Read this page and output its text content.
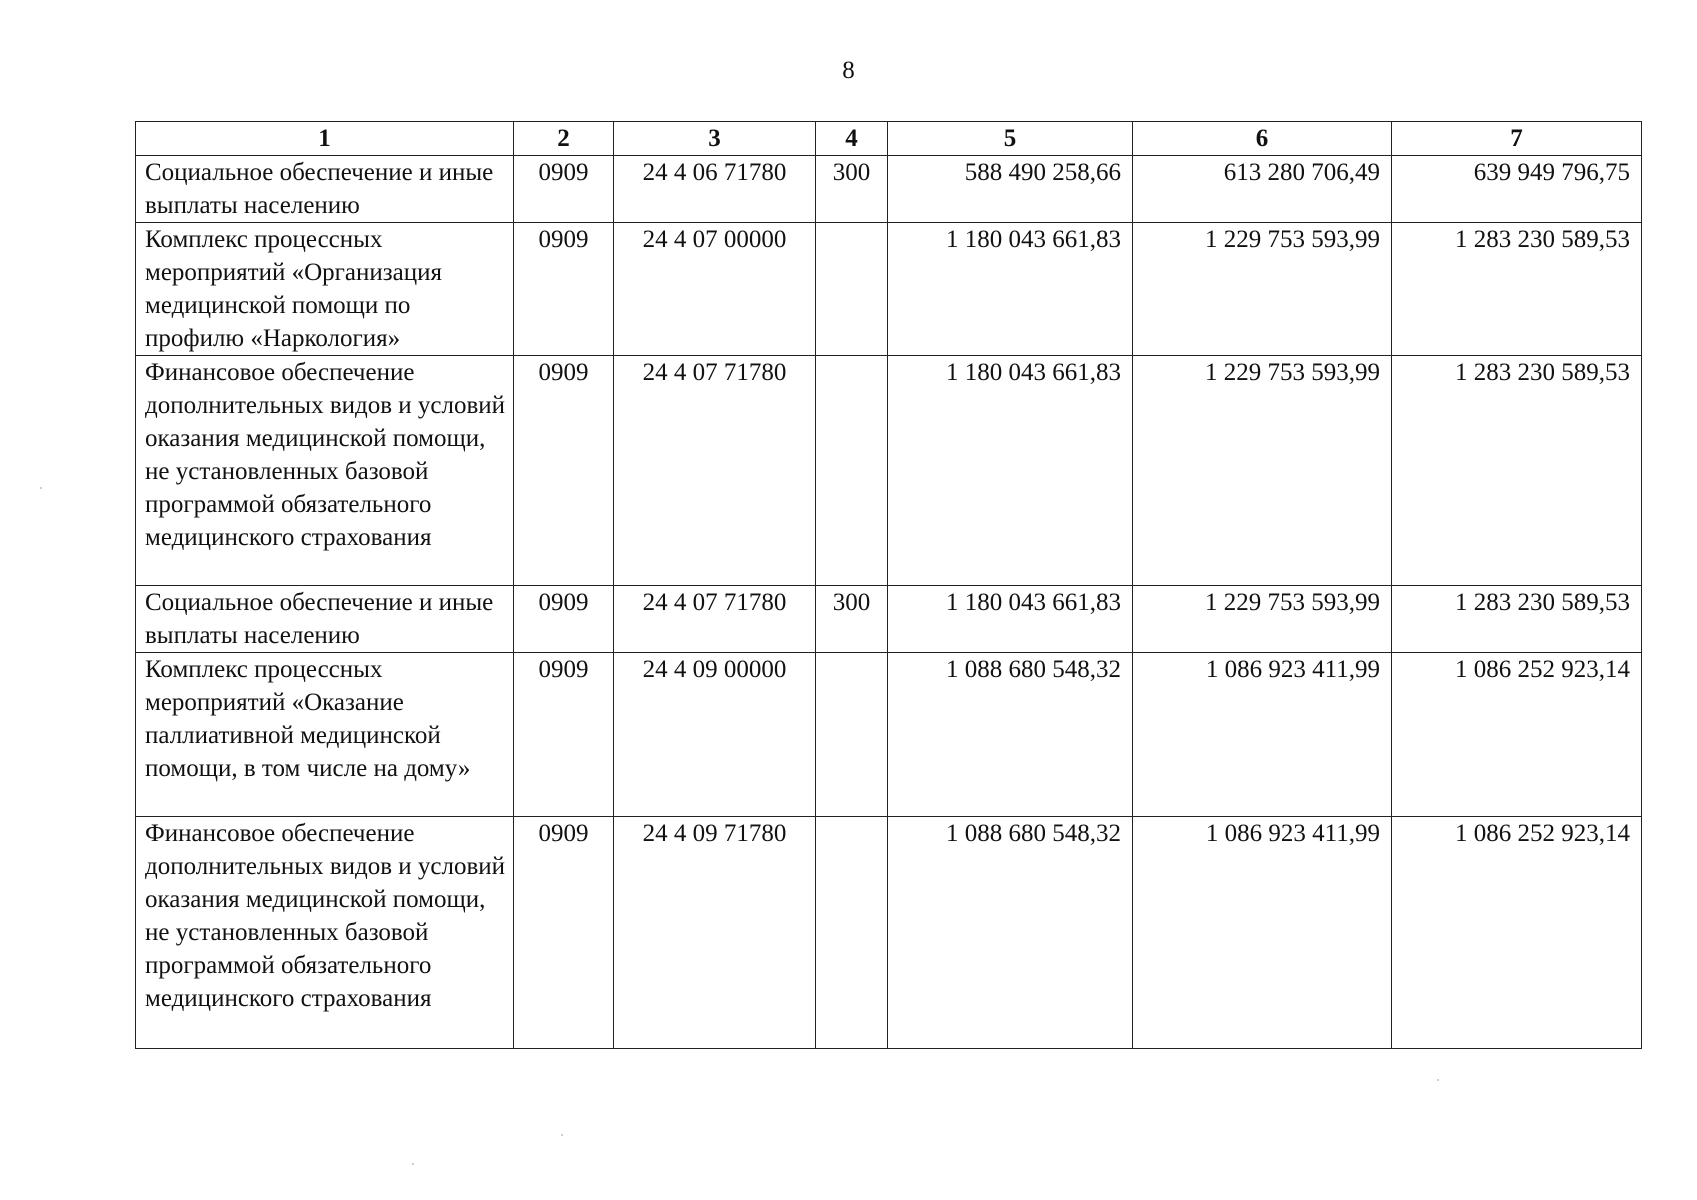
8
1	2	3	4	5	6	7
Социальное обеспечение и иные выплаты населению	0909	24 4 06 71780	300	588 490 258,66	613 280 706,49	639 949 796,75
Комплекс процессных мероприятий «Организация медицинской помощи по профилю «Наркология»	0909	24 4 07 00000		1 180 043 661,83	1 229 753 593,99	1 283 230 589,53
Финансовое обеспечение дополнительных видов и условий оказания медицинской помощи, не установленных базовой программой обязательного медицинского страхования	0909	24 4 07 71780		1 180 043 661,83	1 229 753 593,99	1 283 230 589,53
Социальное обеспечение и иные выплаты населению	0909	24 4 07 71780	300	1 180 043 661,83	1 229 753 593,99	1 283 230 589,53
Комплекс процессных мероприятий «Оказание паллиативной медицинской помощи, в том числе на дому»	0909	24 4 09 00000		1 088 680 548,32	1 086 923 411,99	1 086 252 923,14
Финансовое обеспечение дополнительных видов и условий оказания медицинской помощи, не установленных базовой программой обязательного медицинского страхования	0909	24 4 09 71780		1 088 680 548,32	1 086 923 411,99	1 086 252 923,14
